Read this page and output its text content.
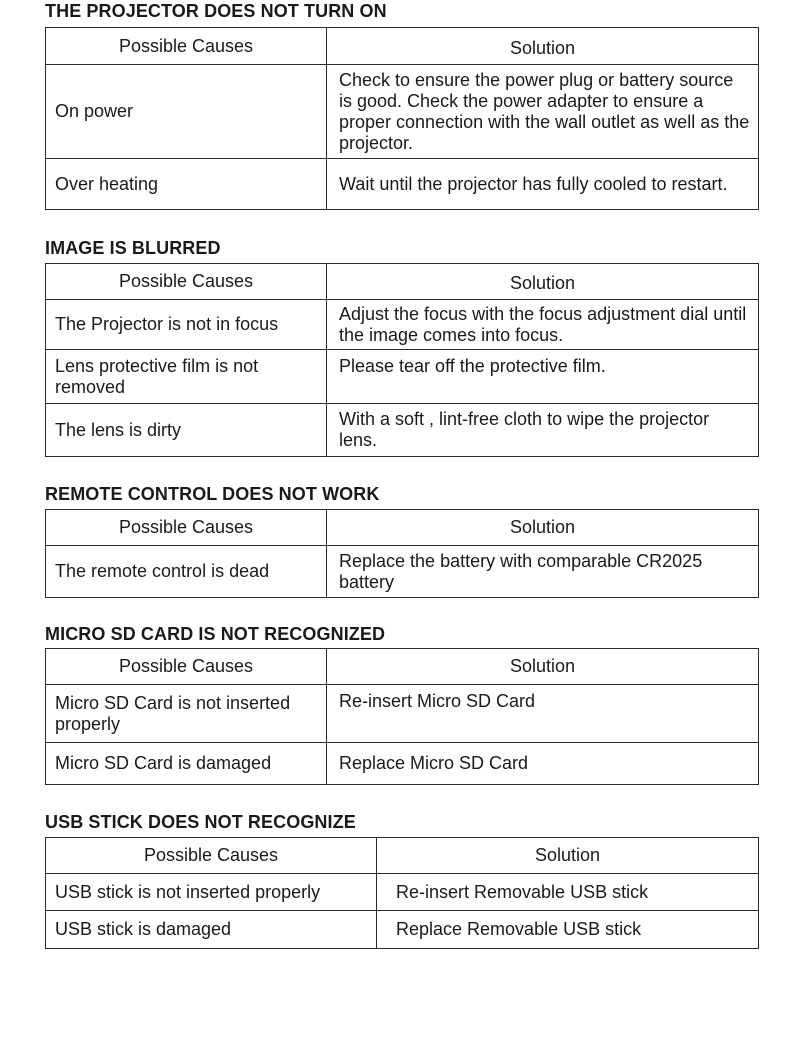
THE PROJECTOR DOES NOT TURN ON
Possible Causes	Solution
On power	Check to ensure the power plug or battery source is good. Check the power adapter to ensure a proper connection with the wall outlet as well as the projector.
Over heating	Wait until the projector has fully cooled to restart.
IMAGE IS BLURRED
Possible Causes	Solution
The Projector is not in focus	Adjust the focus with the focus adjustment dial until the image comes into focus.
Lens protective film is not removed	Please tear off the protective film.
The lens is dirty	With a soft , lint-free cloth to wipe the projector lens.
REMOTE CONTROL DOES NOT WORK
Possible Causes	Solution
The remote control is dead	Replace the battery with comparable CR2025 battery
MICRO SD CARD IS NOT RECOGNIZED
Possible Causes	Solution
Micro SD Card is not inserted properly	Re-insert Micro SD Card
Micro SD Card is damaged	Replace Micro SD Card
USB STICK DOES NOT RECOGNIZE
Possible Causes	Solution
USB stick is not inserted properly	Re-insert Removable USB stick
USB stick is damaged	Replace Removable USB stick
